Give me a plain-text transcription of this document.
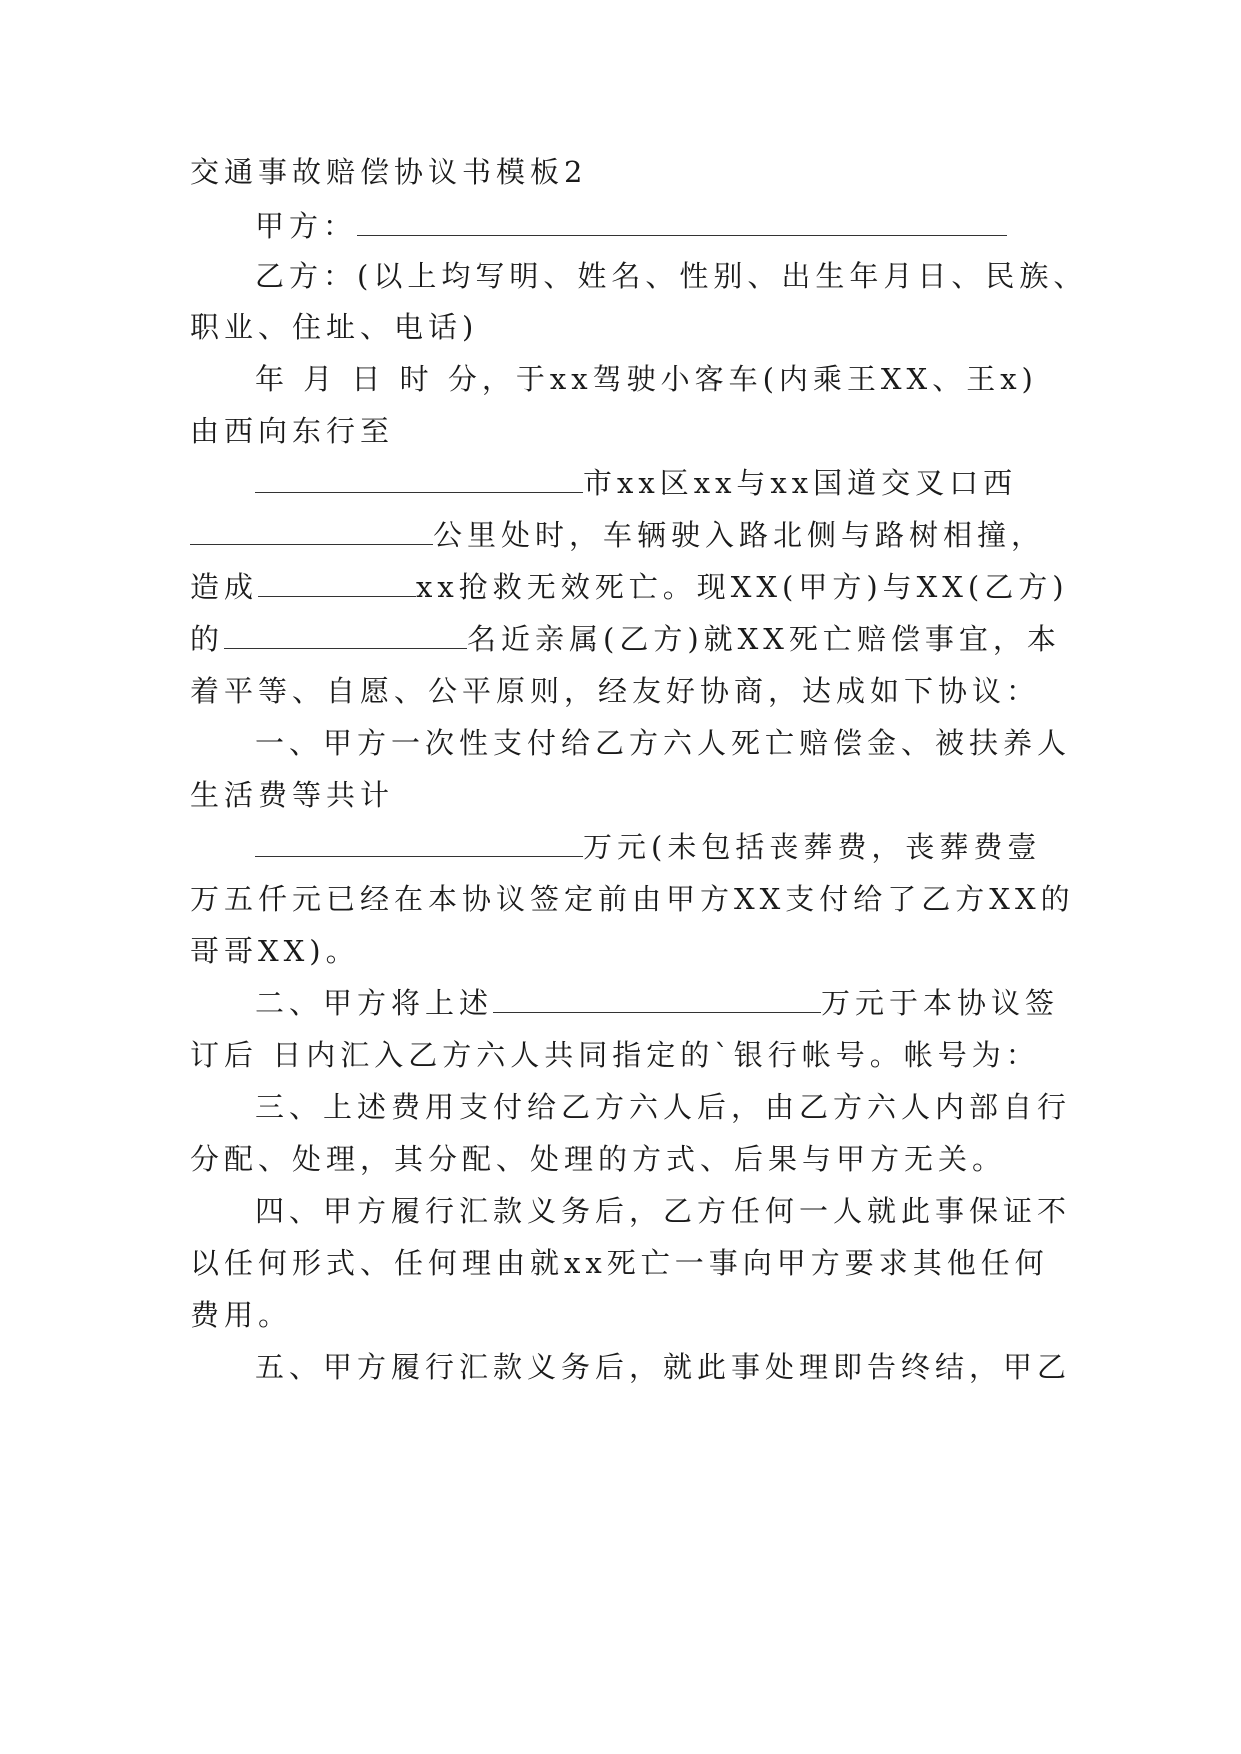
交通事故赔偿协议书模板2
甲方：
乙方：(以上均写明、姓名、性别、出生年月日、民族、
职业、住址、电话)
年 月 日 时 分，于xx驾驶小客车(内乘王XX、王x)
由西向东行至
市xx区xx与xx国道交叉口西
公里处时，车辆驶入路北侧与路树相撞，
造成	xx抢救无效死亡。现XX(甲方)与XX(乙方)
的	名近亲属(乙方)就XX死亡赔偿事宜，本
着平等、自愿、公平原则，经友好协商，达成如下协议：
一、甲方一次性支付给乙方六人死亡赔偿金、被扶养人
生活费等共计
万元(未包括丧葬费，丧葬费壹
万五仟元已经在本协议签定前由甲方XX支付给了乙方XX的
哥哥XX)。
二、甲方将上述	万元于本协议签
订后 日内汇入乙方六人共同指定的`银行帐号。帐号为：
三、上述费用支付给乙方六人后，由乙方六人内部自行
分配、处理，其分配、处理的方式、后果与甲方无关。
四、甲方履行汇款义务后，乙方任何一人就此事保证不
以任何形式、任何理由就xx死亡一事向甲方要求其他任何
费用。
五、甲方履行汇款义务后，就此事处理即告终结，甲乙
